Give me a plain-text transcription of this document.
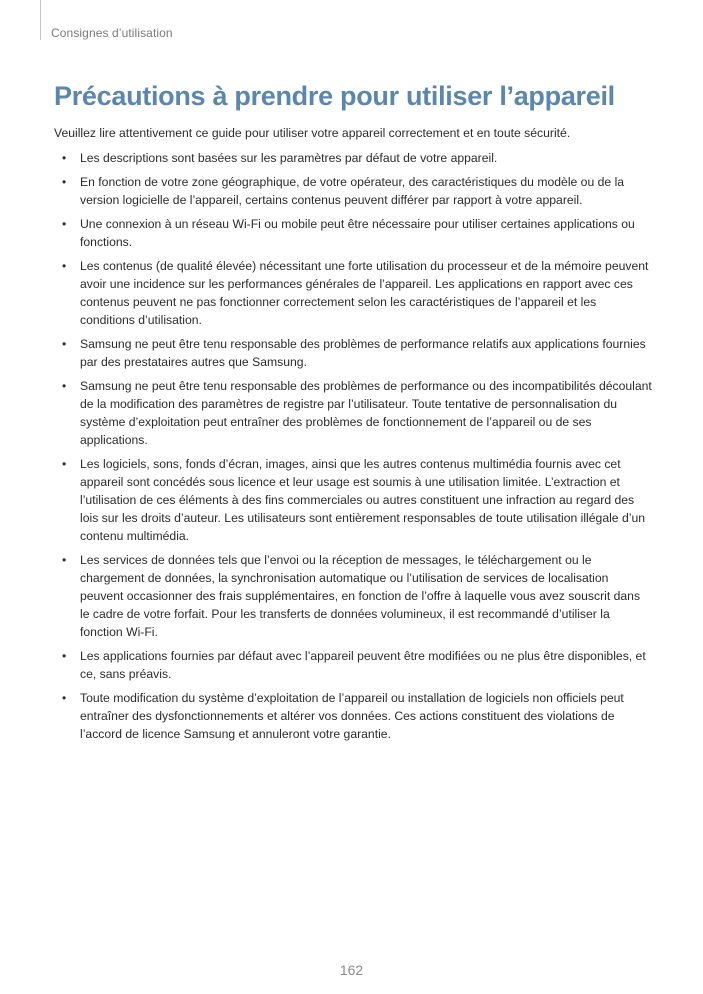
Consignes d’utilisation
Précautions à prendre pour utiliser l’appareil

Veuillez lire attentivement ce guide pour utiliser votre appareil correctement et en toute sécurité.

• Les descriptions sont basées sur les paramètres par défaut de votre appareil.
• En fonction de votre zone géographique, de votre opérateur, des caractéristiques du modèle ou de la version logicielle de l’appareil, certains contenus peuvent différer par rapport à votre appareil.
• Une connexion à un réseau Wi-Fi ou mobile peut être nécessaire pour utiliser certaines applications ou fonctions.
• Les contenus (de qualité élevée) nécessitant une forte utilisation du processeur et de la mémoire peuvent avoir une incidence sur les performances générales de l’appareil. Les applications en rapport avec ces contenus peuvent ne pas fonctionner correctement selon les caractéristiques de l’appareil et les conditions d’utilisation.
• Samsung ne peut être tenu responsable des problèmes de performance relatifs aux applications fournies par des prestataires autres que Samsung.
• Samsung ne peut être tenu responsable des problèmes de performance ou des incompatibilités découlant de la modification des paramètres de registre par l’utilisateur. Toute tentative de personnalisation du système d’exploitation peut entraîner des problèmes de fonctionnement de l’appareil ou de ses applications.
• Les logiciels, sons, fonds d’écran, images, ainsi que les autres contenus multimédia fournis avec cet appareil sont concédés sous licence et leur usage est soumis à une utilisation limitée. L’extraction et l’utilisation de ces éléments à des fins commerciales ou autres constituent une infraction au regard des lois sur les droits d’auteur. Les utilisateurs sont entièrement responsables de toute utilisation illégale d’un contenu multimédia.
• Les services de données tels que l’envoi ou la réception de messages, le téléchargement ou le chargement de données, la synchronisation automatique ou l’utilisation de services de localisation peuvent occasionner des frais supplémentaires, en fonction de l’offre à laquelle vous avez souscrit dans le cadre de votre forfait. Pour les transferts de données volumineux, il est recommandé d’utiliser la fonction Wi-Fi.
• Les applications fournies par défaut avec l’appareil peuvent être modifiées ou ne plus être disponibles, et ce, sans préavis.
• Toute modification du système d’exploitation de l’appareil ou installation de logiciels non officiels peut entraîner des dysfonctionnements et altérer vos données. Ces actions constituent des violations de l’accord de licence Samsung et annuleront votre garantie.
162
